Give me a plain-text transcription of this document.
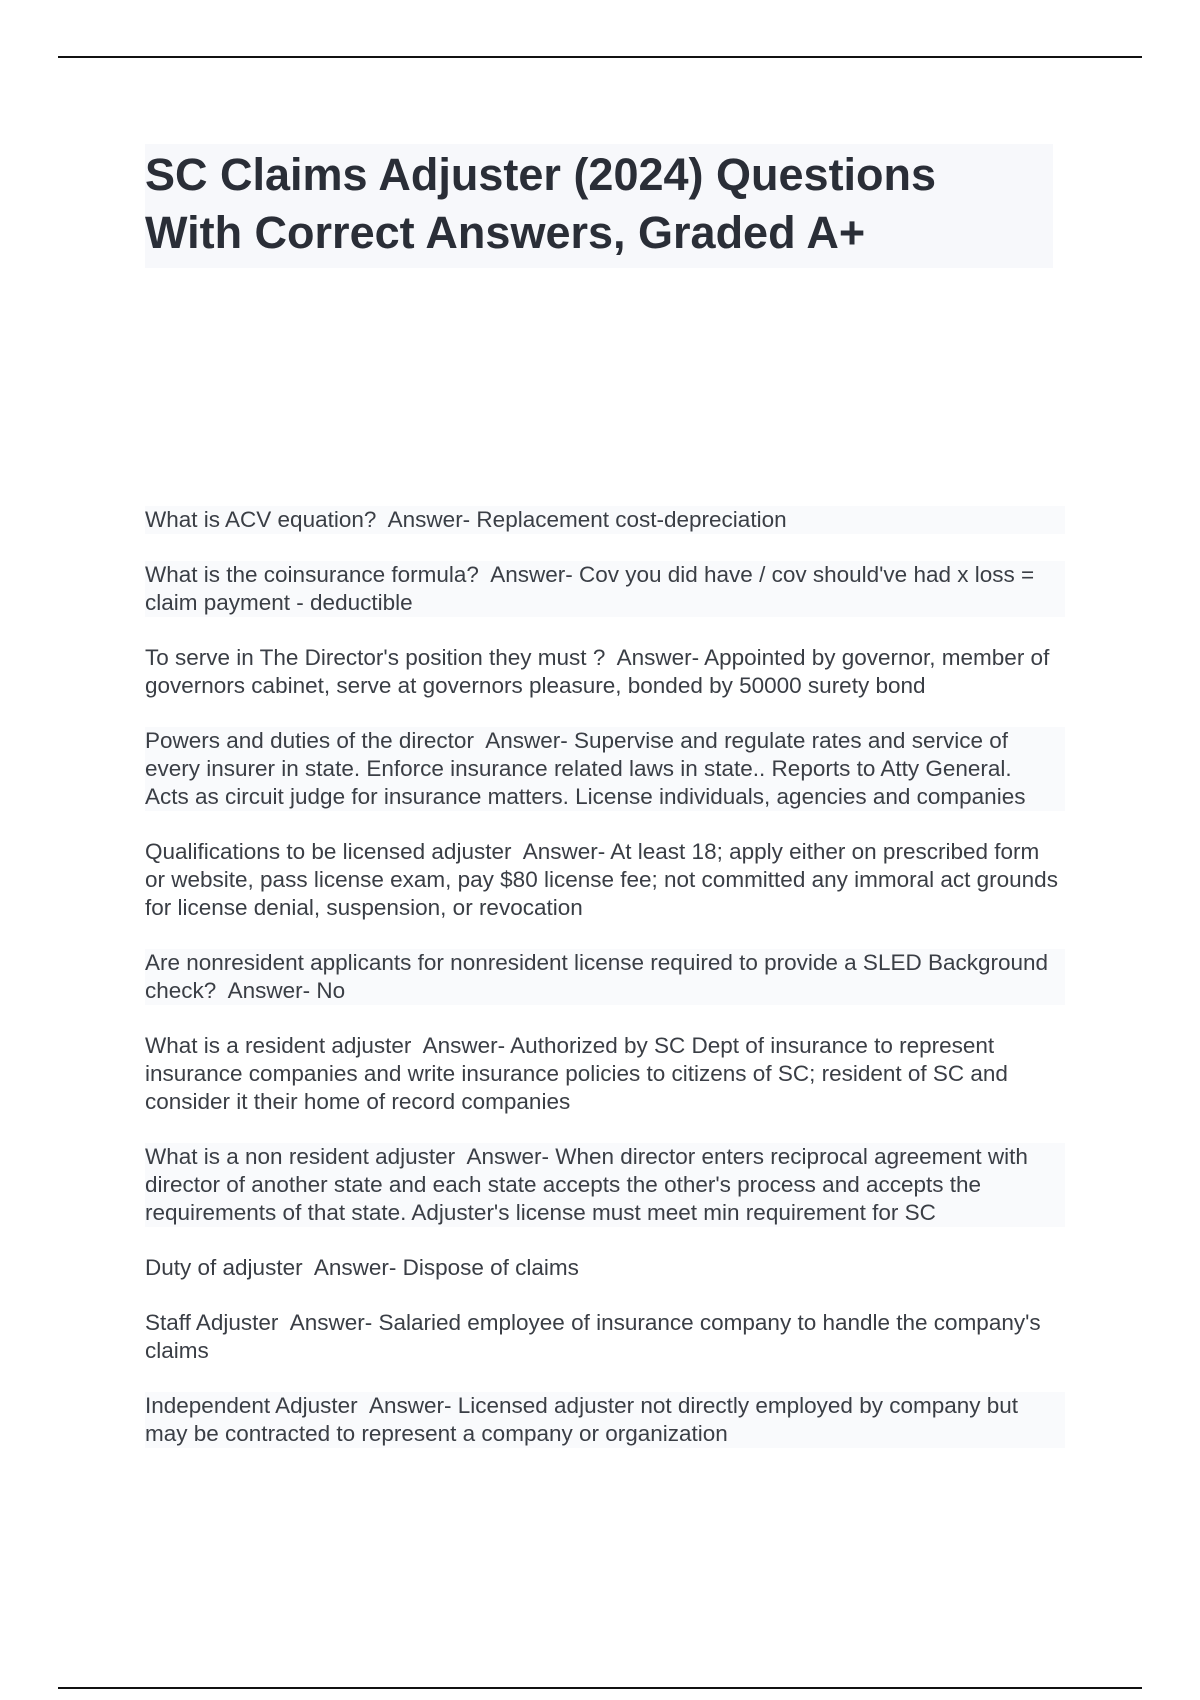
SC Claims Adjuster (2024) Questions
With Correct Answers, Graded A+
What is ACV equation? Answer- Replacement cost-depreciation
What is the coinsurance formula? Answer- Cov you did have / cov should've had x loss = claim payment - deductible
To serve in The Director's position they must ? Answer- Appointed by governor, member of governors cabinet, serve at governors pleasure, bonded by 50000 surety bond
Powers and duties of the director Answer- Supervise and regulate rates and service of every insurer in state. Enforce insurance related laws in state.. Reports to Atty General. Acts as circuit judge for insurance matters. License individuals, agencies and companies
Qualifications to be licensed adjuster Answer- At least 18; apply either on prescribed form or website, pass license exam, pay $80 license fee; not committed any immoral act grounds for license denial, suspension, or revocation
Are nonresident applicants for nonresident license required to provide a SLED Background check? Answer- No
What is a resident adjuster Answer- Authorized by SC Dept of insurance to represent insurance companies and write insurance policies to citizens of SC; resident of SC and consider it their home of record companies
What is a non resident adjuster Answer- When director enters reciprocal agreement with director of another state and each state accepts the other's process and accepts the requirements of that state. Adjuster's license must meet min requirement for SC
Duty of adjuster Answer- Dispose of claims
Staff Adjuster Answer- Salaried employee of insurance company to handle the company's claims
Independent Adjuster Answer- Licensed adjuster not directly employed by company but may be contracted to represent a company or organization
